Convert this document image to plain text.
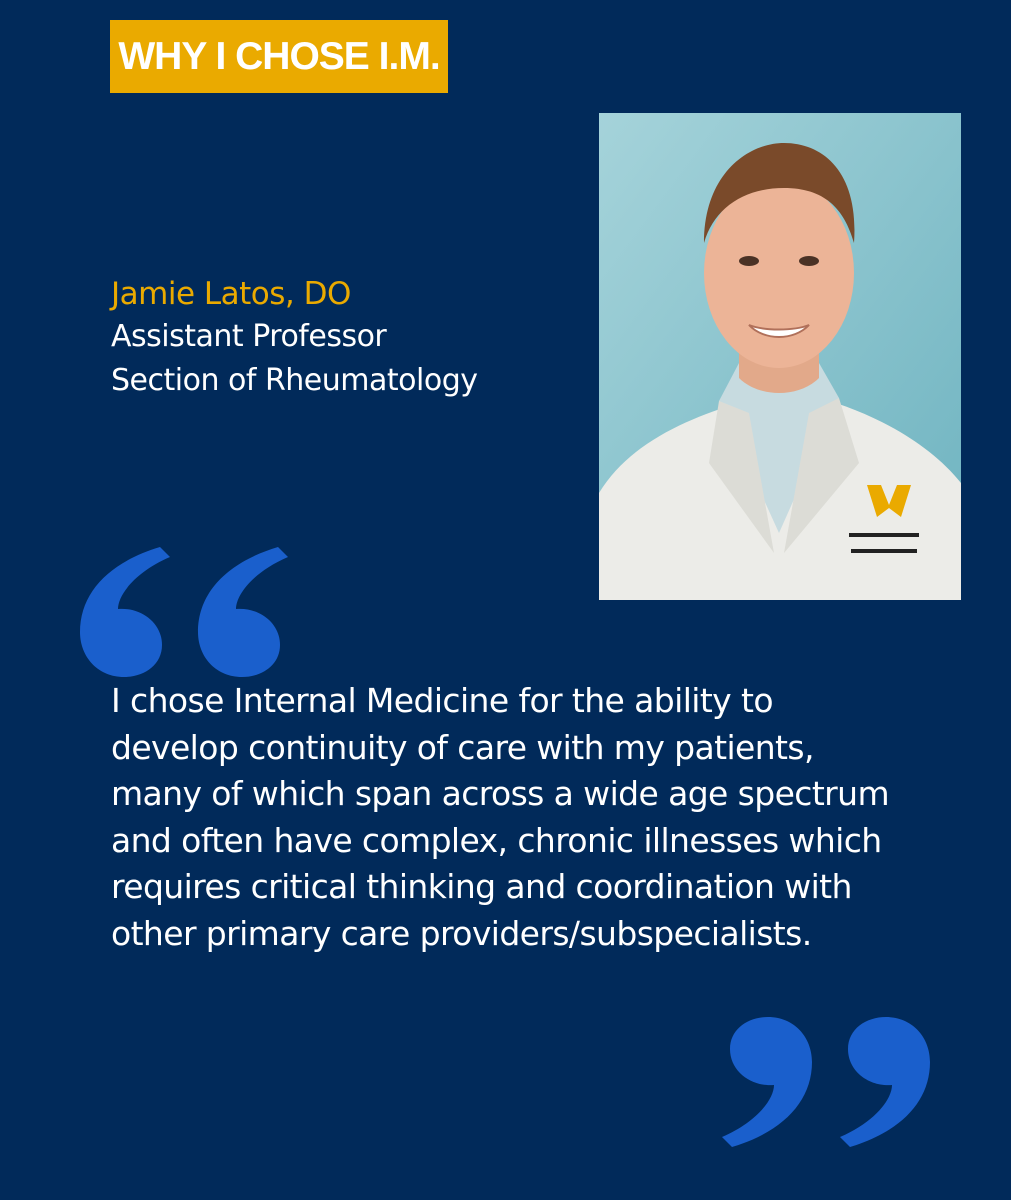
WHY I CHOSE I.M.
Jamie Latos, DO
Assistant Professor
Section of Rheumatology
I chose Internal Medicine for the ability to
develop continuity of care with my patients,
many of which span across a wide age spectrum
and often have complex, chronic illnesses which
requires critical thinking and coordination with
other primary care providers/subspecialists.
